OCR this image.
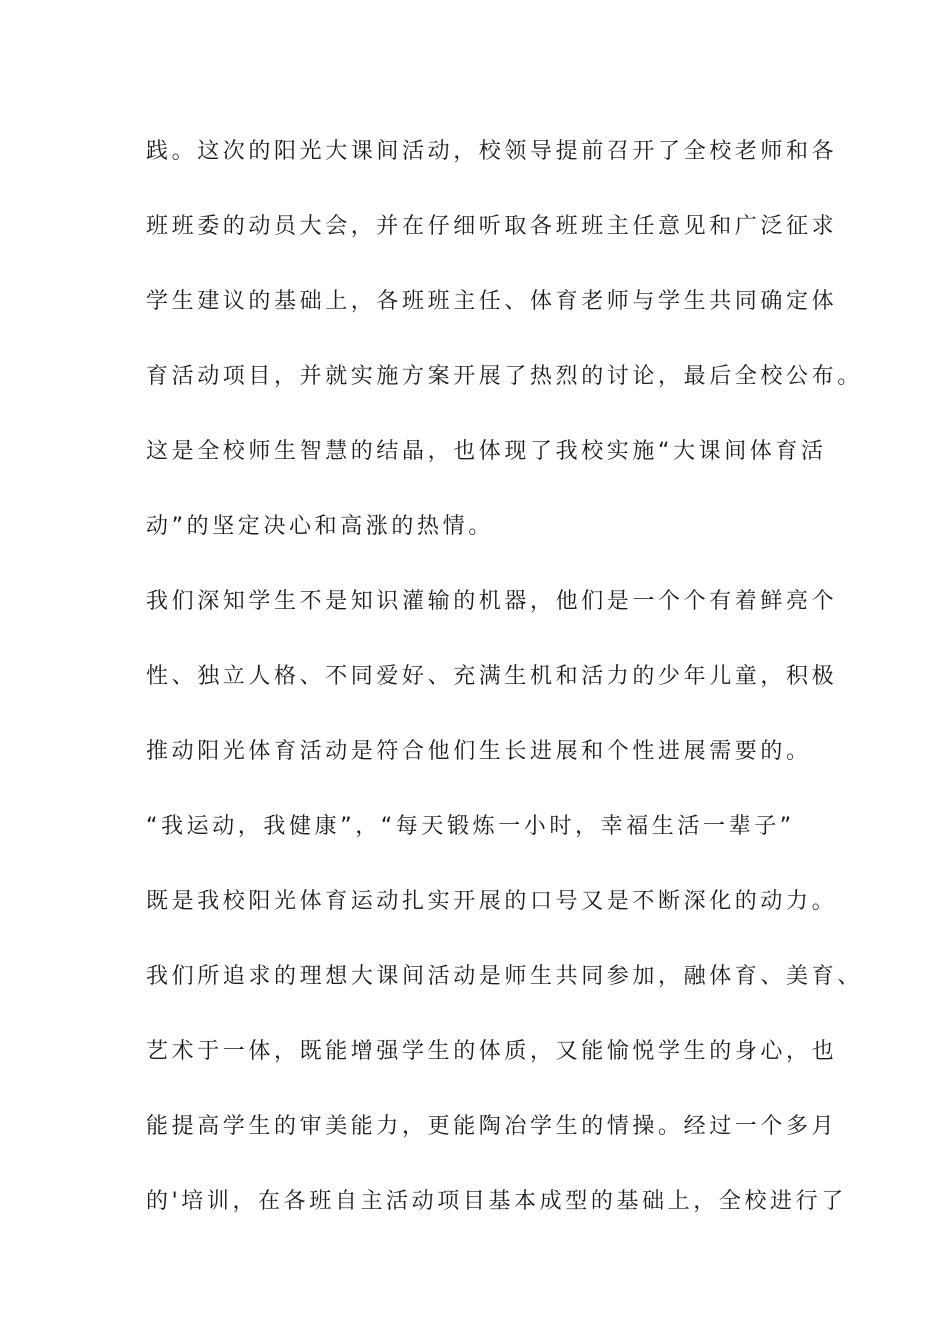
践。这次的阳光大课间活动，校领导提前召开了全校老师和各
班班委的动员大会，并在仔细听取各班班主任意见和广泛征求
学生建议的基础上，各班班主任、体育老师与学生共同确定体
育活动项目，并就实施方案开展了热烈的讨论，最后全校公布。
这是全校师生智慧的结晶，也体现了我校实施“大课间体育活
动”的坚定决心和高涨的热情。
我们深知学生不是知识灌输的机器，他们是一个个有着鲜亮个
性、独立人格、不同爱好、充满生机和活力的少年儿童，积极
推动阳光体育活动是符合他们生长进展和个性进展需要的。
“我运动，我健康”，“每天锻炼一小时，幸福生活一辈子”
既是我校阳光体育运动扎实开展的口号又是不断深化的动力。
我们所追求的理想大课间活动是师生共同参加，融体育、美育、
艺术于一体，既能增强学生的体质，又能愉悦学生的身心，也
能提高学生的审美能力，更能陶冶学生的情操。经过一个多月
的'培训，在各班自主活动项目基本成型的基础上，全校进行了
